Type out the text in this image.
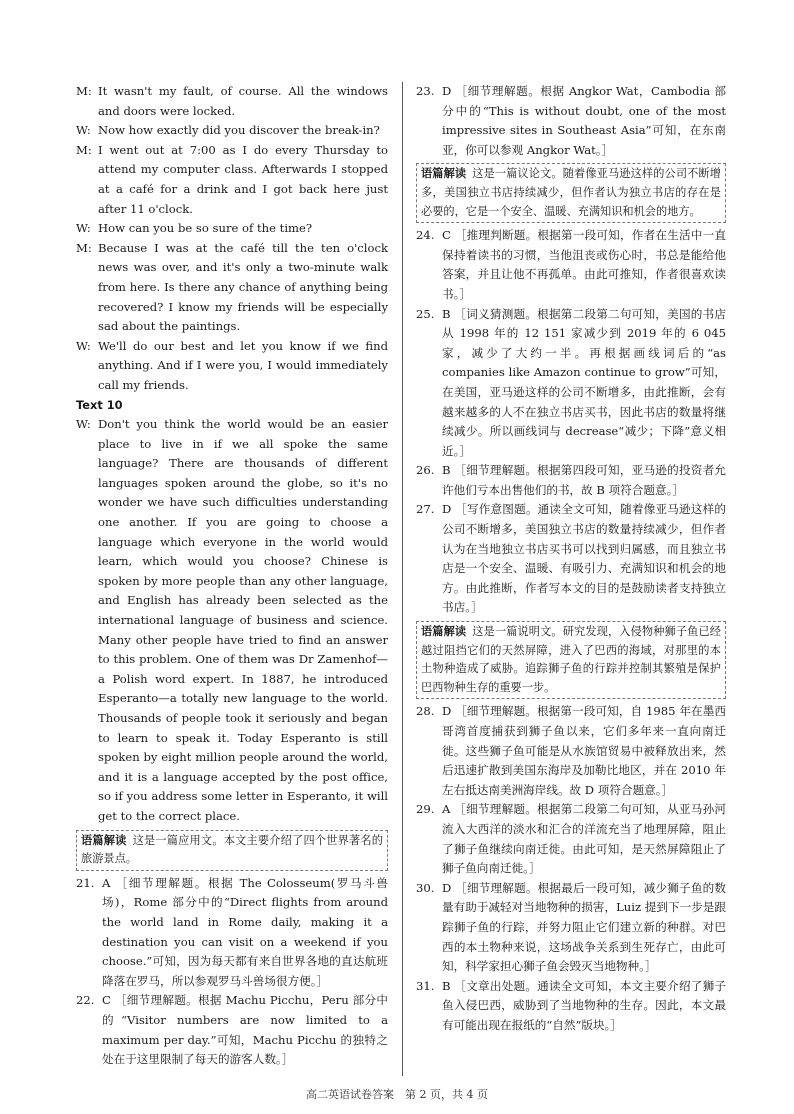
M: It wasn't my fault, of course. All the windows and doors were locked.
W: Now how exactly did you discover the break-in?
M: I went out at 7:00 as I do every Thursday to attend my computer class. Afterwards I stopped at a café for a drink and I got back here just after 11 o'clock.
W: How can you be so sure of the time?
M: Because I was at the café till the ten o'clock news was over, and it's only a two-minute walk from here. Is there any chance of anything being recovered? I know my friends will be especially sad about the paintings.
W: We'll do our best and let you know if we find anything. And if I were you, I would immediately call my friends.

Text 10

W: Don't you think the world would be an easier place to live in if we all spoke the same language? There are thousands of different languages spoken around the globe, so it's no wonder we have such difficulties understanding one another. If you are going to choose a language which everyone in the world would learn, which would you choose? Chinese is spoken by more people than any other language, and English has already been selected as the international language of business and science. Many other people have tried to find an answer to this problem. One of them was Dr Zamenhof—a Polish word expert. In 1887, he introduced Esperanto—a totally new language to the world. Thousands of people took it seriously and began to learn to speak it. Today Esperanto is still spoken by eight million people around the world, and it is a language accepted by the post office, so if you address some letter in Esperanto, it will get to the correct place.
语篇解读 这是一篇应用文。本文主要介绍了四个世界著名的旅游景点。
21. A ［细节理解题。根据 The Colosseum(罗马斗兽场)，Rome 部分中的“Direct flights from around the world land in Rome daily, making it a destination you can visit on a weekend if you choose.”可知，因为每天都有来自世界各地的直达航班降落在罗马，所以参观罗马斗兽场很方便。］
22. C ［细节理解题。根据 Machu Picchu，Peru 部分中的“Visitor numbers are now limited to a maximum per day.”可知，Machu Picchu 的独特之处在于这里限制了每天的游客人数。］
23. D ［细节理解题。根据 Angkor Wat，Cambodia 部分中的“This is without doubt, one of the most impressive sites in Southeast Asia”可知，在东南亚，你可以参观 Angkor Wat。］
语篇解读 这是一篇议论文。随着像亚马逊这样的公司不断增多，美国独立书店持续减少，但作者认为独立书店的存在是必要的，它是一个安全、温暖、充满知识和机会的地方。
24. C ［推理判断题。根据第一段可知，作者在生活中一直保持着读书的习惯，当他沮丧或伤心时，书总是能给他答案，并且让他不再孤单。由此可推知，作者很喜欢读书。］
25. B ［词义猜测题。根据第二段第二句可知，美国的书店从 1998 年的 12 151 家减少到 2019 年的 6 045 家，减少了大约一半。再根据画线词后的“as companies like Amazon continue to grow”可知，在美国，亚马逊这样的公司不断增多，由此推断，会有越来越多的人不在独立书店买书，因此书店的数量将继续减少。所以画线词与 decrease“减少；下降”意义相近。］
26. B ［细节理解题。根据第四段可知，亚马逊的投资者允许他们亏本出售他们的书，故 B 项符合题意。］
27. D ［写作意图题。通读全文可知，随着像亚马逊这样的公司不断增多，美国独立书店的数量持续减少，但作者认为在当地独立书店买书可以找到归属感，而且独立书店是一个安全、温暖、有吸引力、充满知识和机会的地方。由此推断，作者写本文的目的是鼓励读者支持独立书店。］
语篇解读 这是一篇说明文。研究发现，入侵物种狮子鱼已经越过阻挡它们的天然屏障，进入了巴西的海域，对那里的本土物种造成了威胁。追踪狮子鱼的行踪并控制其繁殖是保护巴西物种生存的重要一步。
28. D ［细节理解题。根据第一段可知，自 1985 年在墨西哥湾首度捕获到狮子鱼以来，它们多年来一直向南迁徙。这些狮子鱼可能是从水族馆贸易中被释放出来，然后迅速扩散到美国东海岸及加勒比地区，并在 2010 年左右抵达南美洲海岸线。故 D 项符合题意。］
29. A ［细节理解题。根据第二段第二句可知，从亚马孙河流入大西洋的淡水和汇合的洋流充当了地理屏障，阻止了狮子鱼继续向南迁徙。由此可知，是天然屏障阻止了狮子鱼向南迁徙。］
30. D ［细节理解题。根据最后一段可知，减少狮子鱼的数量有助于减轻对当地物种的损害，Luiz 提到下一步是跟踪狮子鱼的行踪，并努力阻止它们建立新的种群。对巴西的本土物种来说，这场战争关系到生死存亡，由此可知，科学家担心狮子鱼会毁灭当地物种。］
31. B ［文章出处题。通读全文可知，本文主要介绍了狮子鱼入侵巴西，威胁到了当地物种的生存。因此，本文最有可能出现在报纸的“自然”版块。］
高二英语试卷答案　第 2 页，共 4 页
